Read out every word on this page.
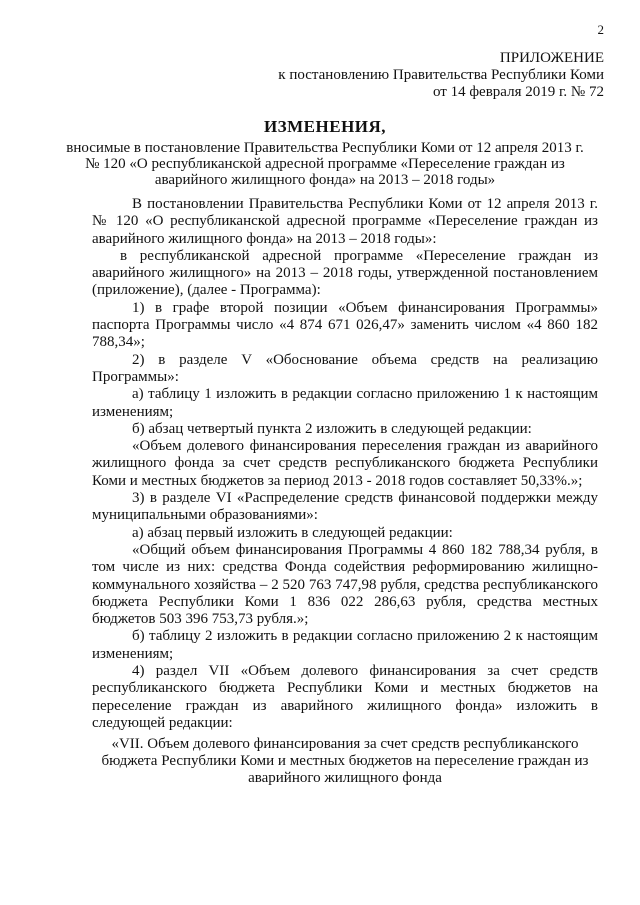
2
ПРИЛОЖЕНИЕ
к постановлению Правительства Республики Коми
от 14 февраля 2019 г. № 72
ИЗМЕНЕНИЯ,
вносимые в постановление Правительства Республики Коми от 12 апреля 2013 г. № 120 «О республиканской адресной программе «Переселение граждан из аварийного жилищного фонда» на 2013 – 2018 годы»

В постановлении Правительства Республики Коми от 12 апреля 2013 г. № 120 «О республиканской адресной программе «Переселение граждан из аварийного жилищного фонда» на 2013 – 2018 годы»:

в республиканской адресной программе «Переселение граждан из аварийного жилищного» на 2013 – 2018 годы, утвержденной постановлением (приложение), (далее - Программа):

1) в графе второй позиции «Объем финансирования Программы» паспорта Программы число «4 874 671 026,47» заменить числом «4 860 182 788,34»;

2) в разделе V «Обоснование объема средств на реализацию Программы»:

а) таблицу 1 изложить в редакции согласно приложению 1 к настоящим изменениям;

б) абзац четвертый пункта 2 изложить в следующей редакции:

«Объем долевого финансирования переселения граждан из аварийного жилищного фонда за счет средств республиканского бюджета Республики Коми и местных бюджетов за период 2013 - 2018 годов составляет 50,33%.»;

3) в разделе VI «Распределение средств финансовой поддержки между муниципальными образованиями»:

а) абзац первый изложить в следующей редакции:

«Общий объем финансирования Программы 4 860 182 788,34 рубля, в том числе из них: средства Фонда содействия реформированию жилищно-коммунального хозяйства – 2 520 763 747,98 рубля, средства республиканского бюджета Республики Коми 1 836 022 286,63 рубля, средства местных бюджетов 503 396 753,73 рубля.»;

б) таблицу 2 изложить в редакции согласно приложению 2 к настоящим изменениям;

4) раздел VII «Объем долевого финансирования за счет средств республиканского бюджета Республики Коми и местных бюджетов на переселение граждан из аварийного жилищного фонда» изложить в следующей редакции:

«VII. Объем долевого финансирования за счет средств республиканского бюджета Республики Коми и местных бюджетов на переселение граждан из аварийного жилищного фонда
